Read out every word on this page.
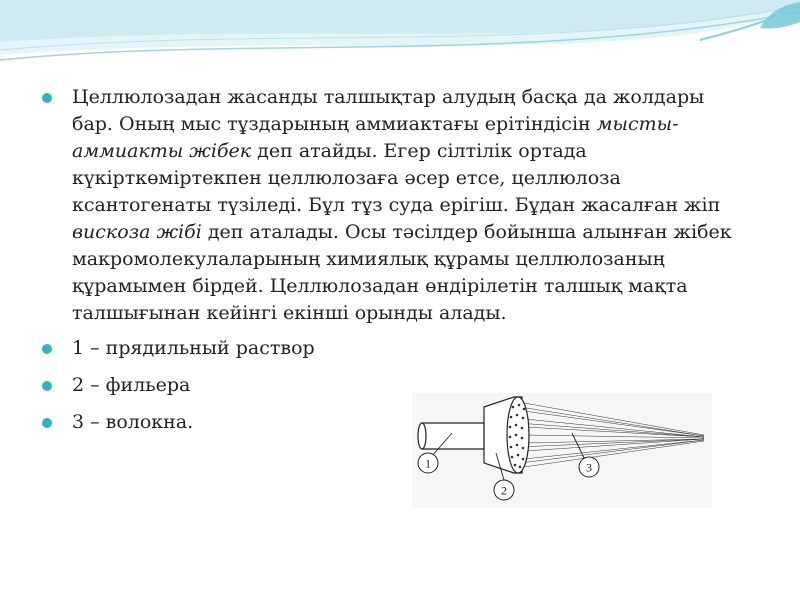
Целлюлозадан жасанды талшықтар алудың басқа да жолдары бар. Оның мыс тұздарының аммиактағы ерітіндісін мысты-аммиакты жібек деп атайды. Егер сілтілік ортада күкірткөміртекпен целлюлозаға әсер етсе, целлюлоза ксантогенаты түзіледі. Бұл тұз суда ерігіш. Бұдан жасалған жіп вискоза жібі деп аталады. Осы тәсілдер бойынша алынған жібек макромолекулаларының химиялық құрамы целлюлозаның құрамымен бірдей. Целлюлозадан өндірілетін талшық мақта талшығынан кейінгі екінші орынды алады.
1 – прядильный раствор
2 – фильера
3 – волокна.
1
2
3
